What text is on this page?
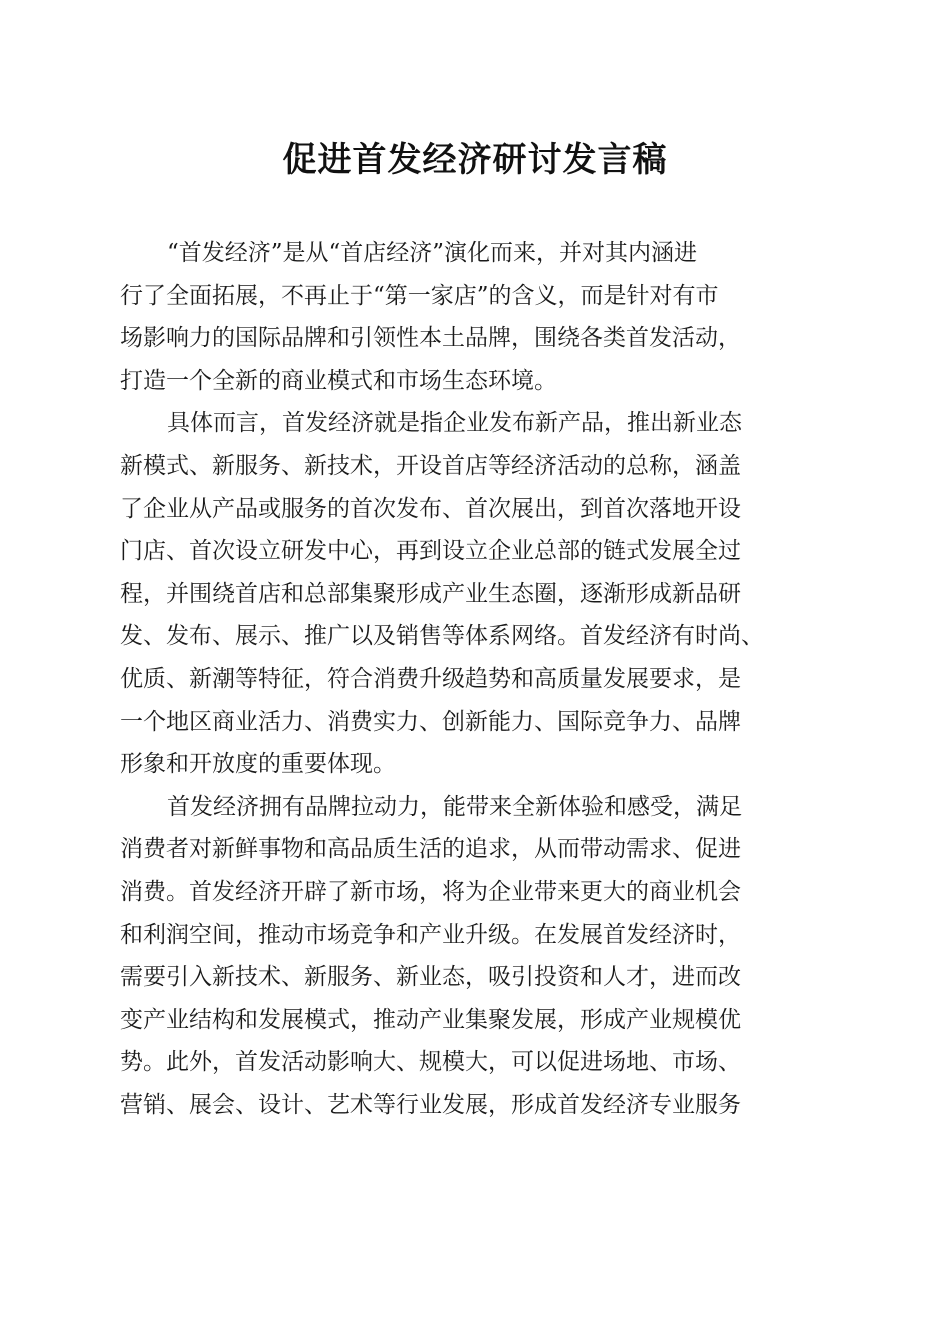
促进首发经济研讨发言稿

“首发经济”是从“首店经济”演化而来，并对其内涵进
行了全面拓展，不再止于“第一家店”的含义，而是针对有市
场影响力的国际品牌和引领性本土品牌，围绕各类首发活动，
打造一个全新的商业模式和市场生态环境。

具体而言，首发经济就是指企业发布新产品，推出新业态
新模式、新服务、新技术，开设首店等经济活动的总称，涵盖
了企业从产品或服务的首次发布、首次展出，到首次落地开设
门店、首次设立研发中心，再到设立企业总部的链式发展全过
程，并围绕首店和总部集聚形成产业生态圈，逐渐形成新品研
发、发布、展示、推广以及销售等体系网络。首发经济有时尚、
优质、新潮等特征，符合消费升级趋势和高质量发展要求，是
一个地区商业活力、消费实力、创新能力、国际竞争力、品牌
形象和开放度的重要体现。

首发经济拥有品牌拉动力，能带来全新体验和感受，满足
消费者对新鲜事物和高品质生活的追求，从而带动需求、促进
消费。首发经济开辟了新市场，将为企业带来更大的商业机会
和利润空间，推动市场竞争和产业升级。在发展首发经济时，
需要引入新技术、新服务、新业态，吸引投资和人才，进而改
变产业结构和发展模式，推动产业集聚发展，形成产业规模优
势。此外，首发活动影响大、规模大，可以促进场地、市场、
营销、展会、设计、艺术等行业发展，形成首发经济专业服务
